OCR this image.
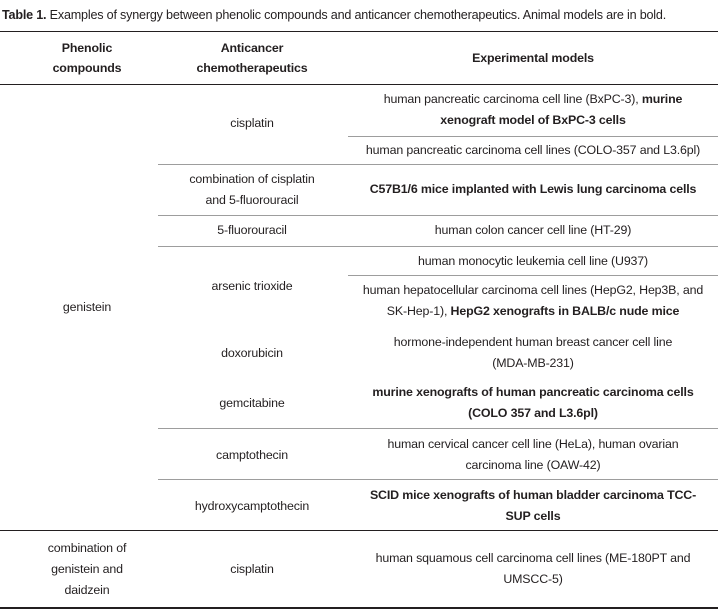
Table 1. Examples of synergy between phenolic compounds and anticancer chemotherapeutics. Animal models are in bold.
Phenolic compounds
Anticancer chemotherapeutics
Experimental models
genistein
combination of genistein and daidzein
cisplatin
combination of cisplatin and 5-fluorouracil
5-fluorouracil
arsenic trioxide
doxorubicin
gemcitabine
camptothecin
hydroxycamptothecin
cisplatin
human pancreatic carcinoma cell line (BxPC-3), murine xenograft model of BxPC-3 cells
human pancreatic carcinoma cell lines (COLO-357 and L3.6pl)
C57B1/6 mice implanted with Lewis lung carcinoma cells
human colon cancer cell line (HT-29)
human monocytic leukemia cell line (U937)
human hepatocellular carcinoma cell lines (HepG2, Hep3B, and SK-Hep-1), HepG2 xenografts in BALB/c nude mice
hormone-independent human breast cancer cell line (MDA-MB-231)
murine xenografts of human pancreatic carcinoma cells (COLO 357 and L3.6pl)
human cervical cancer cell line (HeLa), human ovarian carcinoma line (OAW-42)
SCID mice xenografts of human bladder carcinoma TCC-SUP cells
human squamous cell carcinoma cell lines (ME-180PT and UMSCC-5)
